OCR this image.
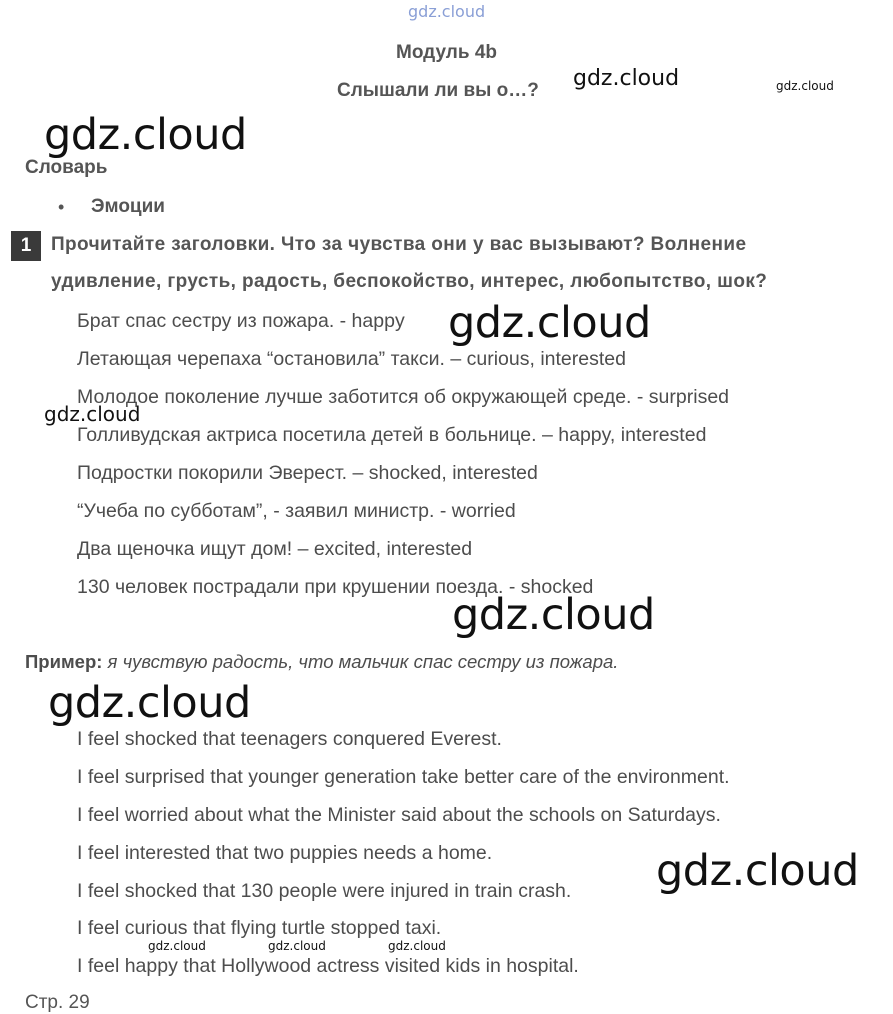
gdz.cloud
Модуль 4b
Слышали ли вы о…? gdz.cloud	gdz.cloud
gdz.cloud
Словарь
• Эмоции
1	Прочитайте заголовки. Что за чувства они у вас вызывают? Волнение
удивление, грусть, радость, беспокойство, интерес, любопытство, шок?
Брат спас сестру из пожара. - happy
Летающая черепаха “остановила” такси. – curious, interested
Молодое поколение лучше заботится об окружающей среде. - surprised
Голливудская актриса посетила детей в больнице. – happy, interested
Подростки покорили Эверест. – shocked, interested
“Учеба по субботам”, - заявил министр. - worried
Два щеночка ищут дом! – excited, interested
130 человек пострадали при крушении поезда. - shocked
gdz.cloud
gdz.cloud
gdz.cloud
Пример: я чувствую радость, что мальчик спас сестру из пожара.
gdz.cloud
I feel shocked that teenagers conquered Everest.
I feel surprised that younger generation take better care of the environment.
I feel worried about what the Minister said about the schools on Saturdays.
I feel interested that two puppies needs a home.
I feel shocked that 130 people were injured in train crash.
I feel curious that flying turtle stopped taxi.
I feel happy that Hollywood actress visited kids in hospital.
gdz.cloud
gdz.cloud	gdz.cloud	gdz.cloud
Стр. 29
